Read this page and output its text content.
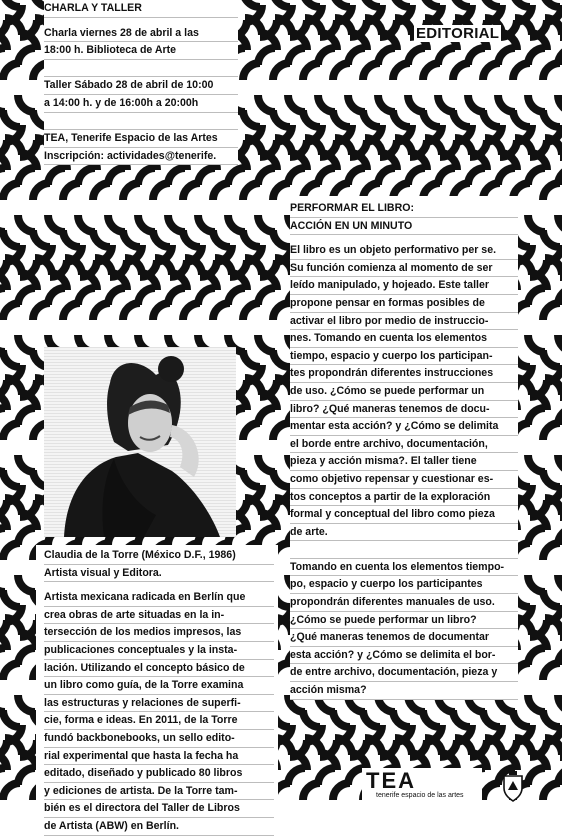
CHARLA Y TALLER
Charla viernes 28 de abril a las
18:00 h. Biblioteca de Arte
Taller Sábado 28 de abril de 10:00
a 14:00 h. y de 16:00h a 20:00h
TEA, Tenerife Espacio de las Artes
Inscripción: actividades@tenerife.
EDITORIAL
PERFORMAR EL LIBRO:
ACCIÓN EN UN MINUTO
El libro es un objeto performativo per se.
Su función comienza al momento de ser
leído manipulado, y hojeado. Este taller
propone pensar en formas posibles de
activar el libro por medio de instruccio-
nes. Tomando en cuenta los elementos
tiempo, espacio y cuerpo los participan-
tes propondrán diferentes instrucciones
de uso. ¿Cómo se puede performar un
libro? ¿Qué maneras tenemos de docu-
mentar esta acción? y ¿Cómo se delimita
el borde entre archivo, documentación,
pieza y acción misma?. El taller tiene
como objetivo repensar y cuestionar es-
tos conceptos a partir de la exploración
formal y conceptual del libro como pieza
de arte.
Tomando en cuenta los elementos tiempo-
po, espacio y cuerpo los participantes
propondrán diferentes manuales de uso.
¿Cómo se puede performar un libro?
¿Qué maneras tenemos de documentar
esta acción? y ¿Cómo se delimita el bor-
de entre archivo, documentación, pieza y
acción misma?
Claudia de la Torre (México D.F., 1986)
Artista visual y Editora.
Artista mexicana radicada en Berlín que
crea obras de arte situadas en la in-
tersección de los medios impresos, las
publicaciones conceptuales y la insta-
lación. Utilizando el concepto básico de
un libro como guía, de la Torre examina
las estructuras y relaciones de superfi-
cie, forma e ideas. En 2011, de la Torre
fundó backbonebooks, un sello edito-
rial experimental que hasta la fecha ha
editado, diseñado y publicado 80 libros
y ediciones de artista. De la Torre tam-
bién es el directora del Taller de Libros
de Artista (ABW) en Berlín.
TEA
tenerife espacio de las artes
